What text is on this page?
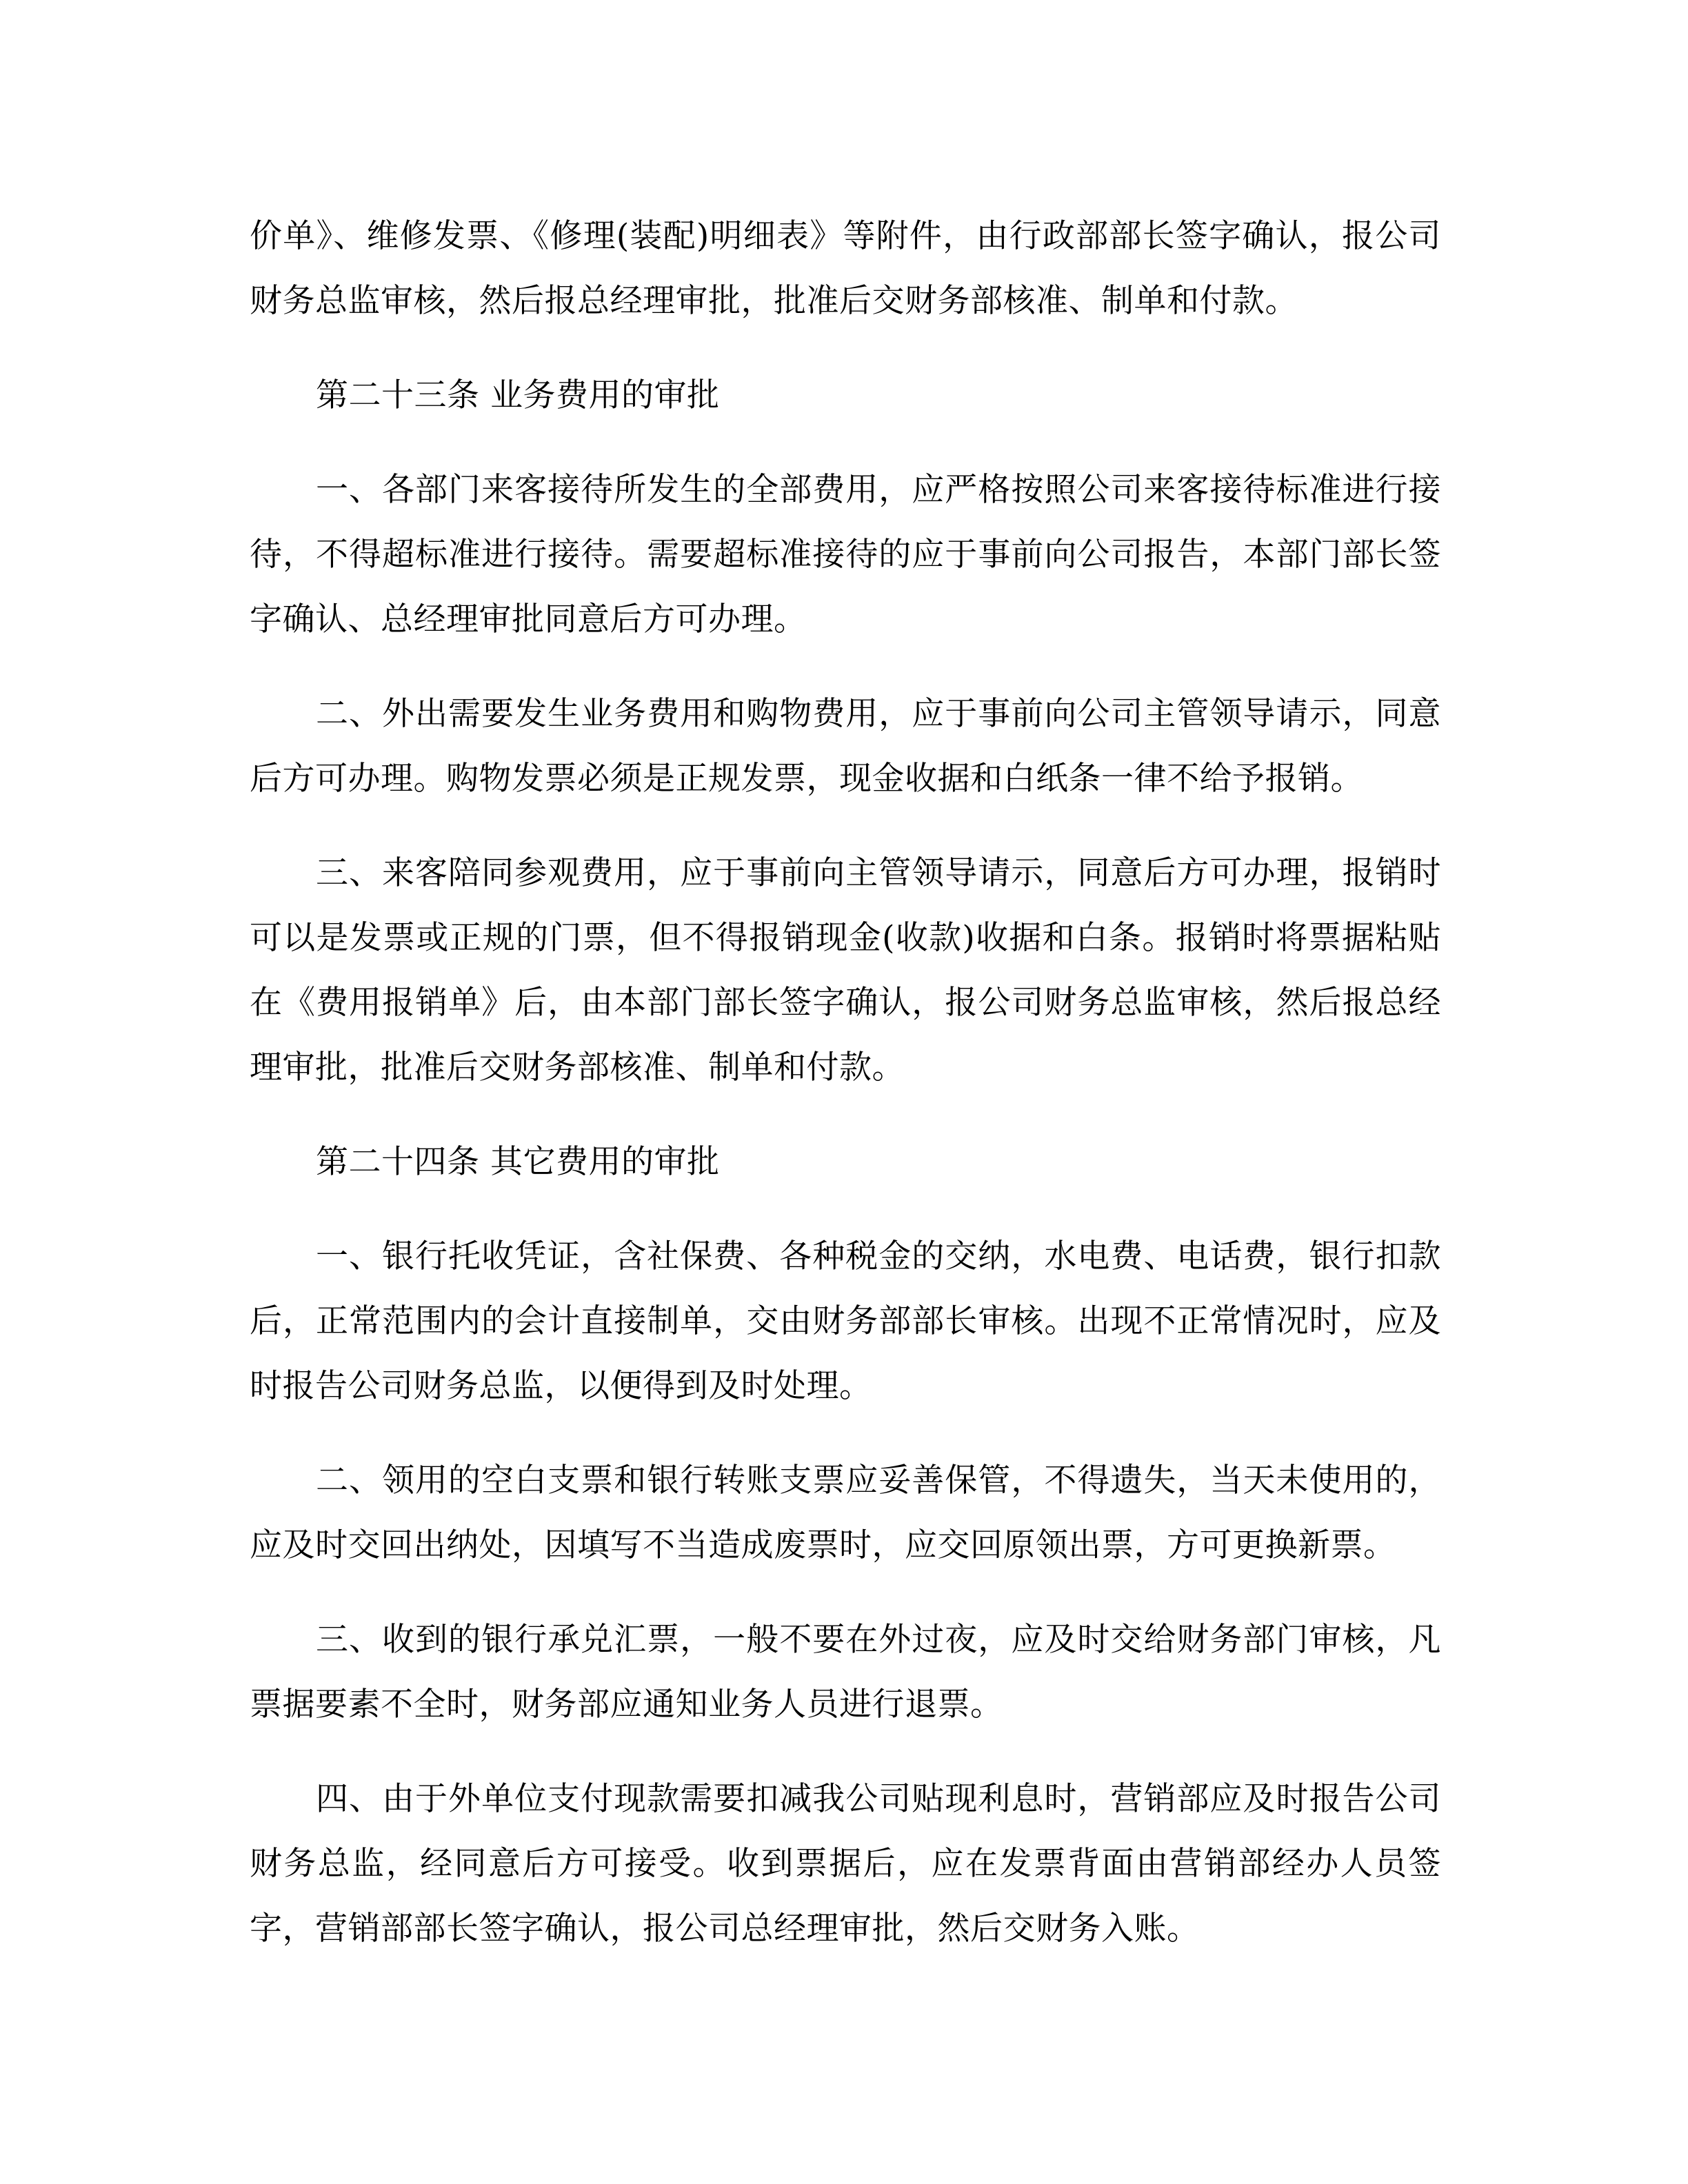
价单》、维修发票、《修理(装配)明细表》等附件，由行政部部长签字确认，报公司财务总监审核，然后报总经理审批，批准后交财务部核准、制单和付款。

第二十三条 业务费用的审批

一、各部门来客接待所发生的全部费用，应严格按照公司来客接待标准进行接待，不得超标准进行接待。需要超标准接待的应于事前向公司报告，本部门部长签字确认、总经理审批同意后方可办理。

二、外出需要发生业务费用和购物费用，应于事前向公司主管领导请示，同意后方可办理。购物发票必须是正规发票，现金收据和白纸条一律不给予报销。

三、来客陪同参观费用，应于事前向主管领导请示，同意后方可办理，报销时可以是发票或正规的门票，但不得报销现金(收款)收据和白条。报销时将票据粘贴在《费用报销单》后，由本部门部长签字确认，报公司财务总监审核，然后报总经理审批，批准后交财务部核准、制单和付款。

第二十四条 其它费用的审批

一、银行托收凭证，含社保费、各种税金的交纳，水电费、电话费，银行扣款后，正常范围内的会计直接制单，交由财务部部长审核。出现不正常情况时，应及时报告公司财务总监，以便得到及时处理。

二、领用的空白支票和银行转账支票应妥善保管，不得遗失，当天未使用的，应及时交回出纳处，因填写不当造成废票时，应交回原领出票，方可更换新票。

三、收到的银行承兑汇票，一般不要在外过夜，应及时交给财务部门审核，凡票据要素不全时，财务部应通知业务人员进行退票。

四、由于外单位支付现款需要扣减我公司贴现利息时，营销部应及时报告公司财务总监，经同意后方可接受。收到票据后，应在发票背面由营销部经办人员签字，营销部部长签字确认，报公司总经理审批，然后交财务入账。
